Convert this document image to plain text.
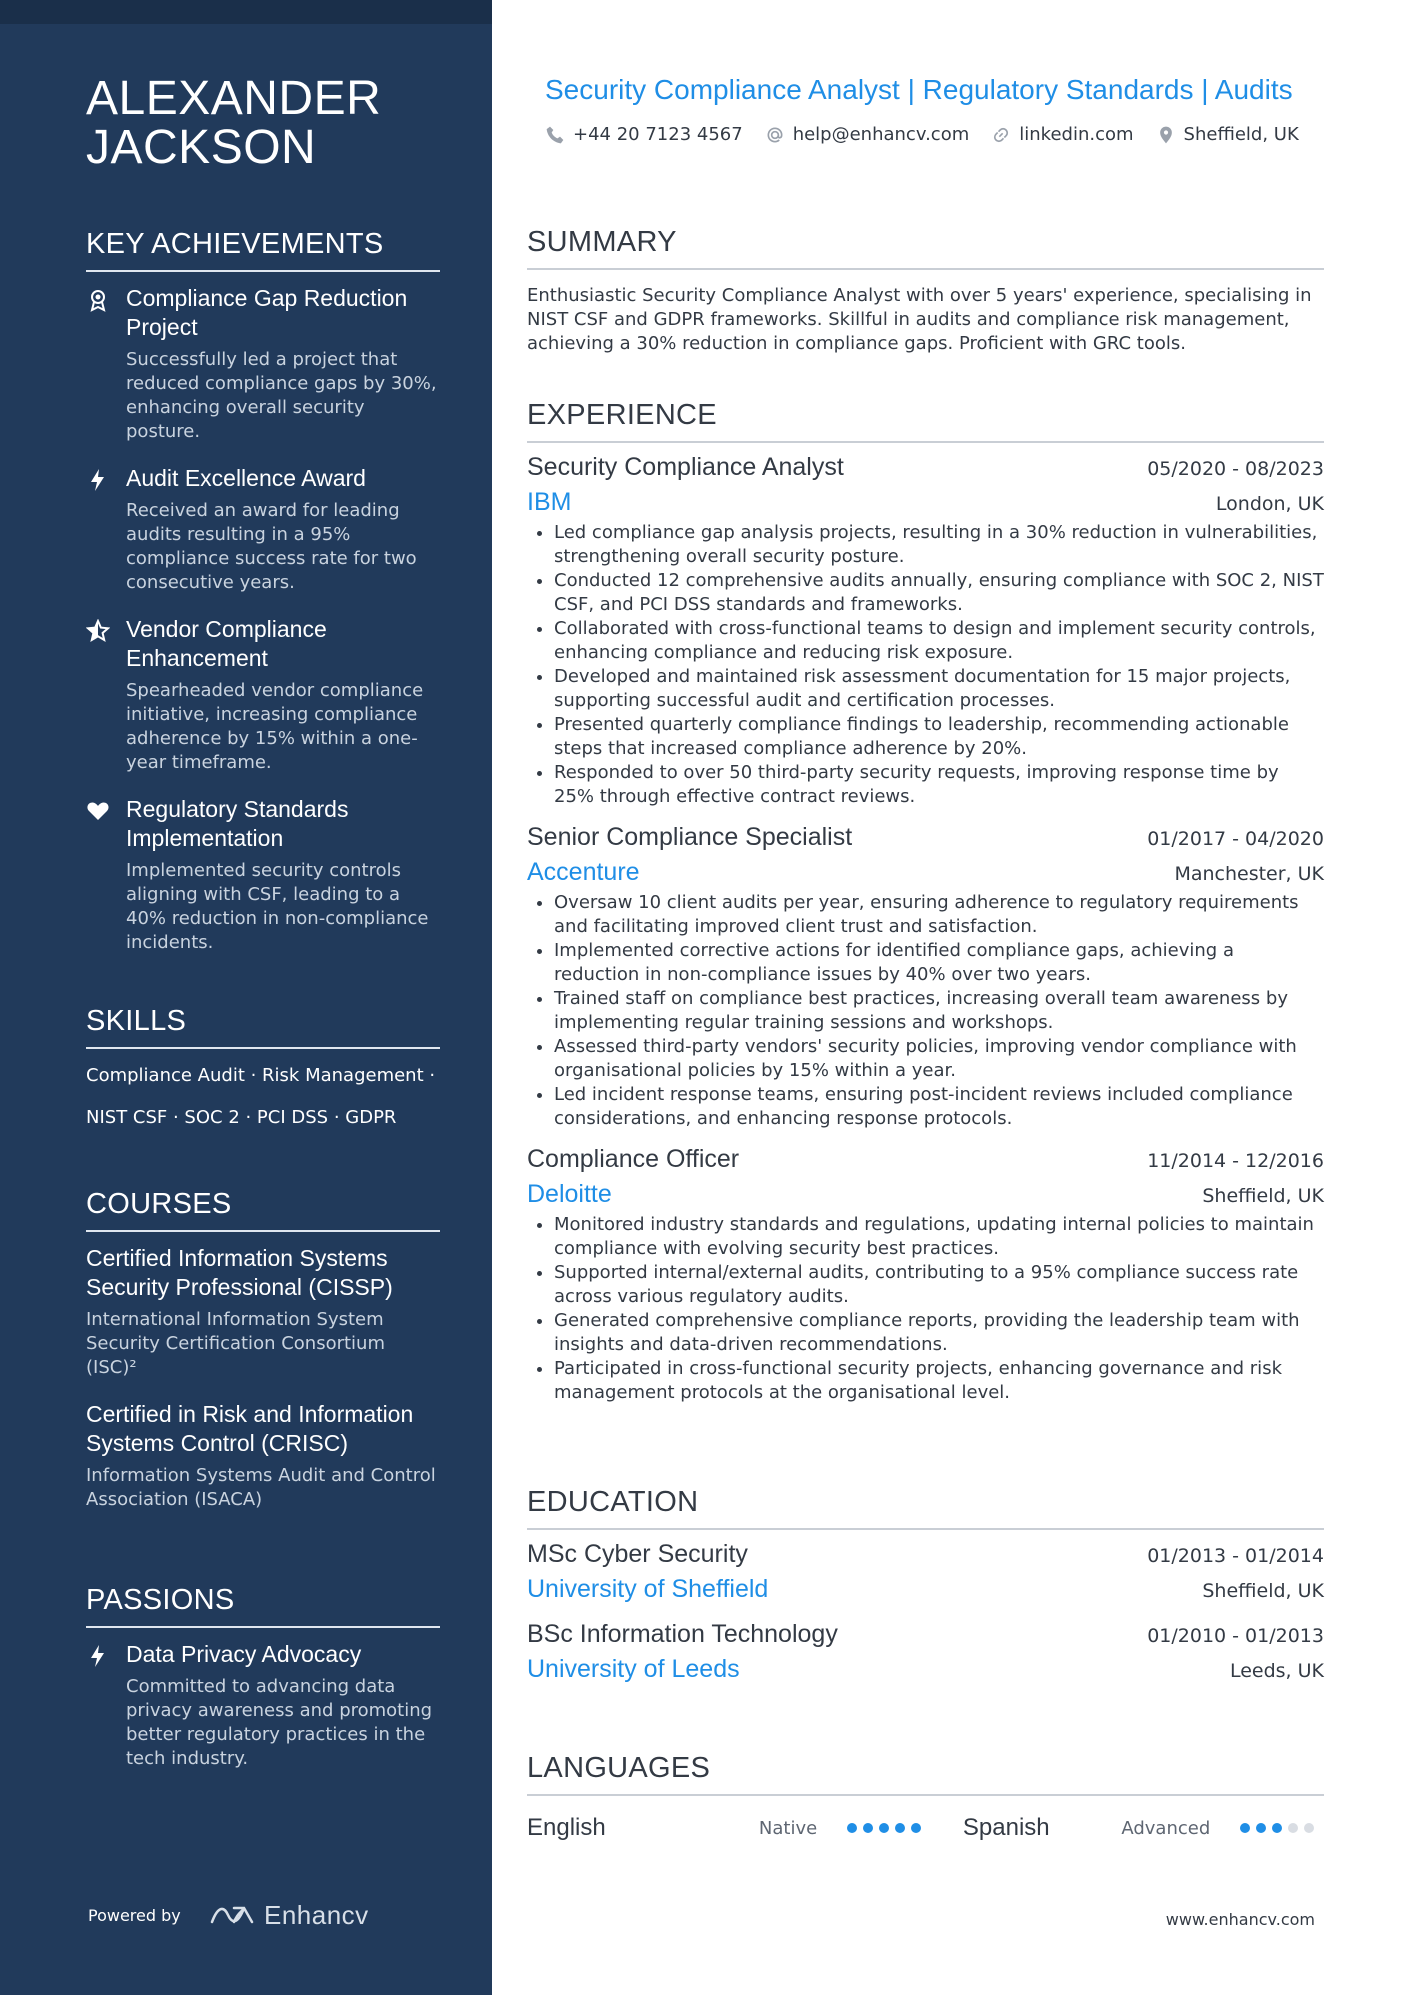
ALEXANDER JACKSON
KEY ACHIEVEMENTS
Compliance Gap Reduction Project
Successfully led a project that reduced compliance gaps by 30%, enhancing overall security posture.
Audit Excellence Award
Received an award for leading audits resulting in a 95% compliance success rate for two consecutive years.
Vendor Compliance Enhancement
Spearheaded vendor compliance initiative, increasing compliance adherence by 15% within a one-year timeframe.
Regulatory Standards Implementation
Implemented security controls aligning with CSF, leading to a 40% reduction in non-compliance incidents.
SKILLS
Compliance Audit · Risk Management ·
NIST CSF · SOC 2 · PCI DSS · GDPR
COURSES
Certified Information Systems Security Professional (CISSP)
International Information System Security Certification Consortium (ISC)²
Certified in Risk and Information Systems Control (CRISC)
Information Systems Audit and Control Association (ISACA)
PASSIONS
Data Privacy Advocacy
Committed to advancing data privacy awareness and promoting better regulatory practices in the tech industry.
Powered by	Enhancv
Security Compliance Analyst | Regulatory Standards | Audits
+44 20 7123 4567	help@enhancv.com	linkedin.com	Sheffield, UK
SUMMARY
Enthusiastic Security Compliance Analyst with over 5 years' experience, specialising in NIST CSF and GDPR frameworks. Skillful in audits and compliance risk management, achieving a 30% reduction in compliance gaps. Proficient with GRC tools.
EXPERIENCE
Security Compliance Analyst	05/2020 - 08/2023
IBM	London, UK
• Led compliance gap analysis projects, resulting in a 30% reduction in vulnerabilities, strengthening overall security posture.
• Conducted 12 comprehensive audits annually, ensuring compliance with SOC 2, NIST CSF, and PCI DSS standards and frameworks.
• Collaborated with cross-functional teams to design and implement security controls, enhancing compliance and reducing risk exposure.
• Developed and maintained risk assessment documentation for 15 major projects, supporting successful audit and certification processes.
• Presented quarterly compliance findings to leadership, recommending actionable steps that increased compliance adherence by 20%.
• Responded to over 50 third-party security requests, improving response time by 25% through effective contract reviews.
Senior Compliance Specialist	01/2017 - 04/2020
Accenture	Manchester, UK
• Oversaw 10 client audits per year, ensuring adherence to regulatory requirements and facilitating improved client trust and satisfaction.
• Implemented corrective actions for identified compliance gaps, achieving a reduction in non-compliance issues by 40% over two years.
• Trained staff on compliance best practices, increasing overall team awareness by implementing regular training sessions and workshops.
• Assessed third-party vendors' security policies, improving vendor compliance with organisational policies by 15% within a year.
• Led incident response teams, ensuring post-incident reviews included compliance considerations, and enhancing response protocols.
Compliance Officer	11/2014 - 12/2016
Deloitte	Sheffield, UK
• Monitored industry standards and regulations, updating internal policies to maintain compliance with evolving security best practices.
• Supported internal/external audits, contributing to a 95% compliance success rate across various regulatory audits.
• Generated comprehensive compliance reports, providing the leadership team with insights and data-driven recommendations.
• Participated in cross-functional security projects, enhancing governance and risk management protocols at the organisational level.
EDUCATION
MSc Cyber Security	01/2013 - 01/2014
University of Sheffield	Sheffield, UK
BSc Information Technology	01/2010 - 01/2013
University of Leeds	Leeds, UK
LANGUAGES
English	Native	Spanish	Advanced
www.enhancv.com
